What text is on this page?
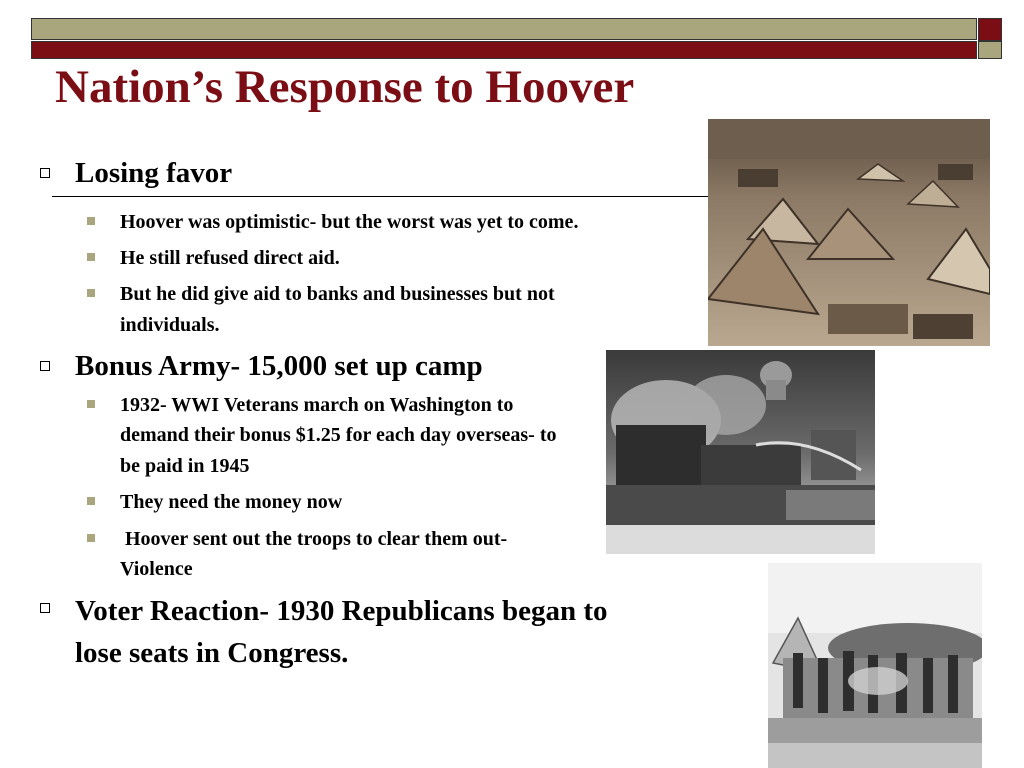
Nation’s Response to Hoover
Losing favor
Hoover was optimistic- but the worst was yet to come.
He still refused direct aid.
But he did give aid to banks and businesses but not individuals.
Bonus Army- 15,000 set up camp
1932- WWI Veterans march on Washington to demand their bonus $1.25 for each day overseas- to be paid in 1945
They need the money now
Hoover sent out the troops to clear them out- Violence
Voter Reaction- 1930 Republicans began to lose seats in Congress.
